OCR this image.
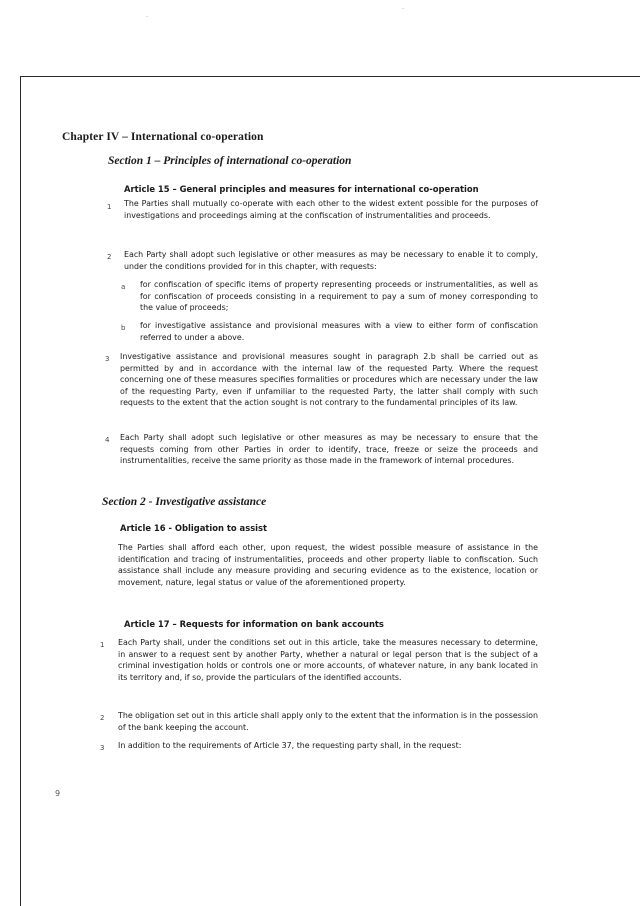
·
·
Chapter IV – International co-operation
Section 1 – Principles of international co-operation
Article 15 – General principles and measures for international co-operation
1 The Parties shall mutually co-operate with each other to the widest extent possible for the purposes of investigations and proceedings aiming at the confiscation of instrumentalities and proceeds.
2 Each Party shall adopt such legislative or other measures as may be necessary to enable it to comply, under the conditions provided for in this chapter, with requests:
a for confiscation of specific items of property representing proceeds or instrumentalities, as well as for confiscation of proceeds consisting in a requirement to pay a sum of money corresponding to the value of proceeds;
b for investigative assistance and provisional measures with a view to either form of confiscation referred to under a above.
3 Investigative assistance and provisional measures sought in paragraph 2.b shall be carried out as permitted by and in accordance with the internal law of the requested Party. Where the request concerning one of these measures specifies formalities or procedures which are necessary under the law of the requesting Party, even if unfamiliar to the requested Party, the latter shall comply with such requests to the extent that the action sought is not contrary to the fundamental principles of its law.
4 Each Party shall adopt such legislative or other measures as may be necessary to ensure that the requests coming from other Parties in order to identify, trace, freeze or seize the proceeds and instrumentalities, receive the same priority as those made in the framework of internal procedures.
Section 2 - Investigative assistance
Article 16 - Obligation to assist
The Parties shall afford each other, upon request, the widest possible measure of assistance in the identification and tracing of instrumentalities, proceeds and other property liable to confiscation. Such assistance shall include any measure providing and securing evidence as to the existence, location or movement, nature, legal status or value of the aforementioned property.
Article 17 – Requests for information on bank accounts
1 Each Party shall, under the conditions set out in this article, take the measures necessary to determine, in answer to a request sent by another Party, whether a natural or legal person that is the subject of a criminal investigation holds or controls one or more accounts, of whatever nature, in any bank located in its territory and, if so, provide the particulars of the identified accounts.
2 The obligation set out in this article shall apply only to the extent that the information is in the possession of the bank keeping the account.
3 In addition to the requirements of Article 37, the requesting party shall, in the request:
9
